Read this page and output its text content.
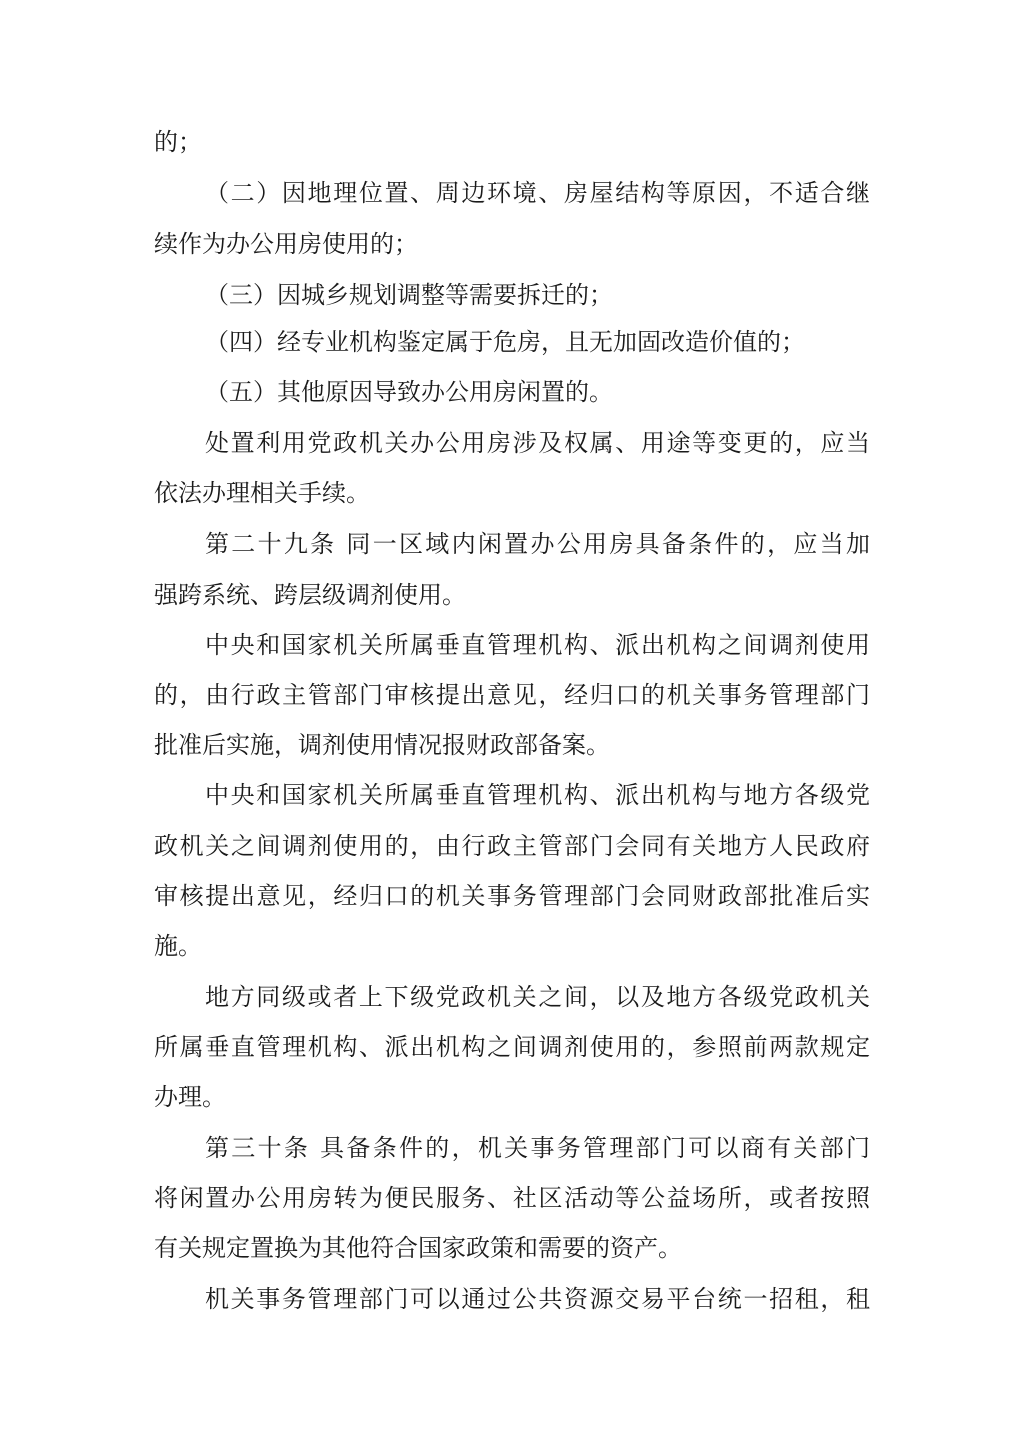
的；
（二）因地理位置、周边环境、房屋结构等原因，不适合继
续作为办公用房使用的；
（三）因城乡规划调整等需要拆迁的；
（四）经专业机构鉴定属于危房，且无加固改造价值的；
（五）其他原因导致办公用房闲置的。
处置利用党政机关办公用房涉及权属、用途等变更的，应当
依法办理相关手续。
第二十九条 同一区域内闲置办公用房具备条件的，应当加
强跨系统、跨层级调剂使用。
中央和国家机关所属垂直管理机构、派出机构之间调剂使用
的，由行政主管部门审核提出意见，经归口的机关事务管理部门
批准后实施，调剂使用情况报财政部备案。
中央和国家机关所属垂直管理机构、派出机构与地方各级党
政机关之间调剂使用的，由行政主管部门会同有关地方人民政府
审核提出意见，经归口的机关事务管理部门会同财政部批准后实
施。
地方同级或者上下级党政机关之间，以及地方各级党政机关
所属垂直管理机构、派出机构之间调剂使用的，参照前两款规定
办理。
第三十条 具备条件的，机关事务管理部门可以商有关部门
将闲置办公用房转为便民服务、社区活动等公益场所，或者按照
有关规定置换为其他符合国家政策和需要的资产。
机关事务管理部门可以通过公共资源交易平台统一招租，租
